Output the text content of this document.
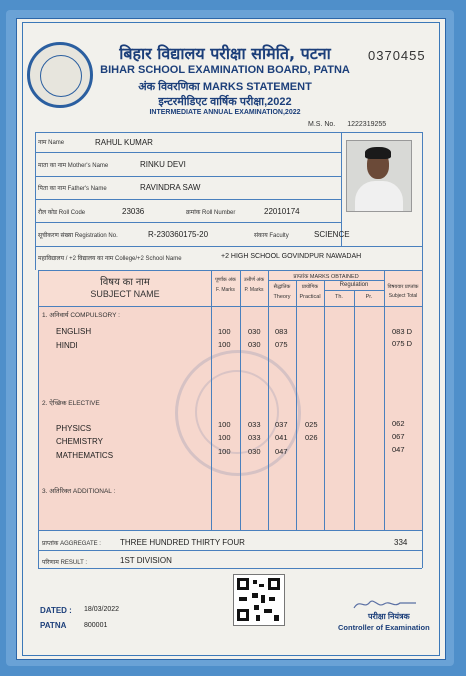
बिहार विद्यालय परीक्षा समिति, पटना
BIHAR SCHOOL EXAMINATION BOARD, PATNA
अंक विवरणिका MARKS STATEMENT
इन्टरमीडिएट वार्षिक परीक्षा,2022
INTERMEDIATE ANNUAL EXAMINATION,2022
0370455
M.S. No. 1222319255
नाम Name	RAHUL KUMAR
माता का नाम Mother's Name	RINKU DEVI
पिता का नाम Father's Name	RAVINDRA SAW
रौल कोड Roll Code	23036	क्रमांक Roll Number	22010174
सूचीकरण संख्या Registration No.	R-230360175-20	संकाय Faculty	SCIENCE
महाविद्यालय / +2 विद्यालय का नाम College/+2 School Name	+2 HIGH SCHOOL GOVINDPUR NAWADAH
विषय का नाम
SUBJECT NAME
पूर्णांक अंक
F. Marks
उत्तीर्ण अंक
P. Marks
प्राप्तांक MARKS OBTAINED
सैद्धांतिक
Theory
प्रायोगिक
Practical
Regulation
Th.	Pr.
विषयवार प्राप्तांक
Subject Total
1. अनिवार्य COMPULSORY :
ENGLISH	100 030 083	083 D
HINDI	100 030 075	075 D
2. ऐच्छिक ELECTIVE
PHYSICS	100 033 037 025	062
CHEMISTRY	100 033 041 026	067
MATHEMATICS	100 030 047	047
3. अतिरिक्त ADDITIONAL :
प्राप्तांक AGGREGATE : THREE HUNDRED THIRTY FOUR	334
परिणाम RESULT :	1ST DIVISION
DATED : 18/03/2022
PATNA	800001
परीक्षा नियंत्रक
Controller of Examination
